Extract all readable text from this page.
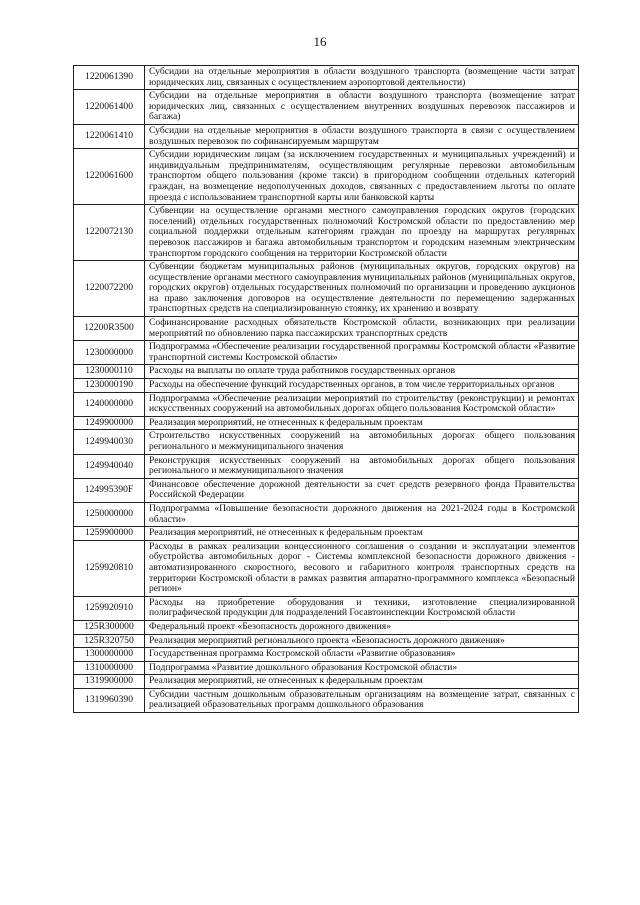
16
1220061390	Субсидии на отдельные мероприятия в области воздушного транспорта (возмещение части затрат юридических лиц, связанных с осуществлением аэропортовой деятельности)
1220061400	Субсидии на отдельные мероприятия в области воздушного транспорта (возмещение затрат юридических лиц, связанных с осуществлением внутренних воздушных перевозок пассажиров и багажа)
1220061410	Субсидии на отдельные мероприятия в области воздушного транспорта в связи с осуществлением воздушных перевозок по софинансируемым маршрутам
1220061600	Субсидии юридическим лицам (за исключением государственных и муниципальных учреждений) и индивидуальным предпринимателям, осуществляющим регулярные перевозки автомобильным транспортом общего пользования (кроме такси) в пригородном сообщении отдельных категорий граждан, на возмещение недополученных доходов, связанных с предоставлением льготы по оплате проезда с использованием транспортной карты или банковской карты
1220072130	Субвенции на осуществление органами местного самоуправления городских округов (городских поселений) отдельных государственных полномочий Костромской области по предоставлению мер социальной поддержки отдельным категориям граждан по проезду на маршрутах регулярных перевозок пассажиров и багажа автомобильным транспортом и городским наземным электрическим транспортом городского сообщения на территории Костромской области
1220072200	Субвенции бюджетам муниципальных районов (муниципальных округов, городских округов) на осуществление органами местного самоуправления муниципальных районов (муниципальных округов, городских округов) отдельных государственных полномочий по организации и проведению аукционов на право заключения договоров на осуществление деятельности по перемещению задержанных транспортных средств на специализированную стоянку, их хранению и возврату
12200R3500	Софинансирование расходных обязательств Костромской области, возникающих при реализации мероприятий по обновлению парка пассажирских транспортных средств
1230000000	Подпрограмма «Обеспечение реализации государственной программы Костромской области «Развитие транспортной системы Костромской области»
1230000110	Расходы на выплаты по оплате труда работников государственных органов
1230000190	Расходы на обеспечение функций государственных органов, в том числе территориальных органов
1240000000	Подпрограмма «Обеспечение реализации мероприятий по строительству (реконструкции) и ремонтах искусственных сооружений на автомобильных дорогах общего пользования Костромской области»
1249900000	Реализация мероприятий, не отнесенных к федеральным проектам
1249940030	Строительство искусственных сооружений на автомобильных дорогах общего пользования регионального и межмуниципального значения
1249940040	Реконструкция искусственных сооружений на автомобильных дорогах общего пользования регионального и межмуниципального значения
124995390F	Финансовое обеспечение дорожной деятельности за счет средств резервного фонда Правительства Российской Федерации
1250000000	Подпрограмма «Повышение безопасности дорожного движения на 2021-2024 годы в Костромской области»
1259900000	Реализация мероприятий, не отнесенных к федеральным проектам
1259920810	Расходы в рамках реализации концессионного соглашения о создании и эксплуатации элементов обустройства автомобильных дорог - Системы комплексной безопасности дорожного движения - автоматизированного скоростного, весового и габаритного контроля транспортных средств на территории Костромской области в рамках развития аппаратно-программного комплекса «Безопасный регион»
1259920910	Расходы на приобретение оборудования и техники, изготовление специализированной полиграфической продукции для подразделений Госавтоинспекции Костромской области
125R300000	Федеральный проект «Безопасность дорожного движения»
125R320750	Реализация мероприятий регионального проекта «Безопасность дорожного движения»
1300000000	Государственная программа Костромской области «Развитие образования»
1310000000	Подпрограмма «Развитие дошкольного образования Костромской области»
1319900000	Реализация мероприятий, не отнесенных к федеральным проектам
1319960390	Субсидии частным дошкольным образовательным организациям на возмещение затрат, связанных с реализацией образовательных программ дошкольного образования
